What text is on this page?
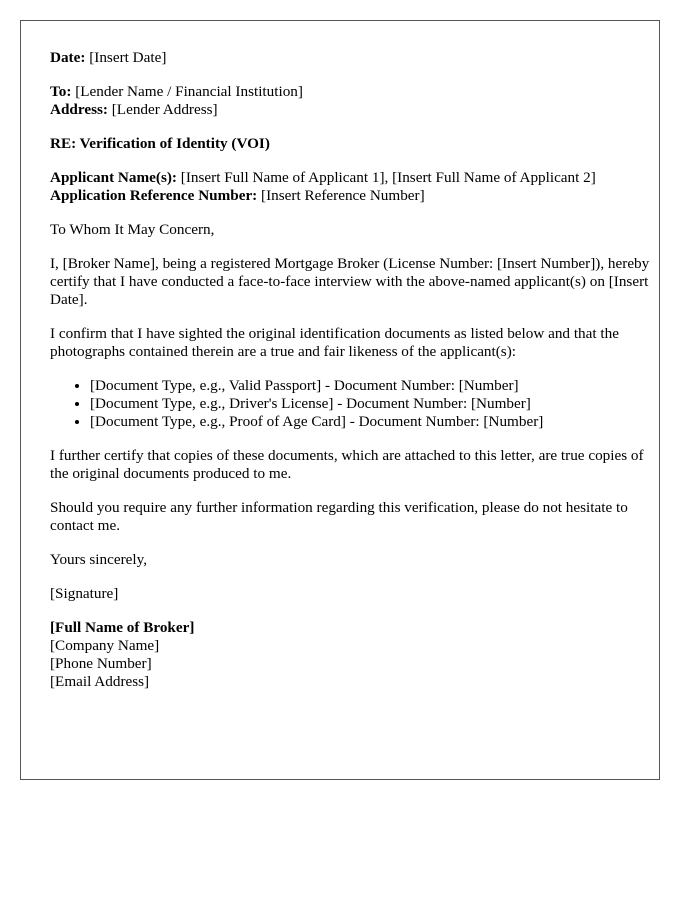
Date: [Insert Date]

To: [Lender Name / Financial Institution]
Address: [Lender Address]

RE: Verification of Identity (VOI)

Applicant Name(s): [Insert Full Name of Applicant 1], [Insert Full Name of Applicant 2]
Application Reference Number: [Insert Reference Number]

To Whom It May Concern,

I, [Broker Name], being a registered Mortgage Broker (License Number: [Insert Number]), hereby certify that I have conducted a face-to-face interview with the above-named applicant(s) on [Insert Date].

I confirm that I have sighted the original identification documents as listed below and that the photographs contained therein are a true and fair likeness of the applicant(s):

• [Document Type, e.g., Valid Passport] - Document Number: [Number]
• [Document Type, e.g., Driver's License] - Document Number: [Number]
• [Document Type, e.g., Proof of Age Card] - Document Number: [Number]

I further certify that copies of these documents, which are attached to this letter, are true copies of the original documents produced to me.

Should you require any further information regarding this verification, please do not hesitate to contact me.

Yours sincerely,

[Signature]

[Full Name of Broker]
[Company Name]
[Phone Number]
[Email Address]
